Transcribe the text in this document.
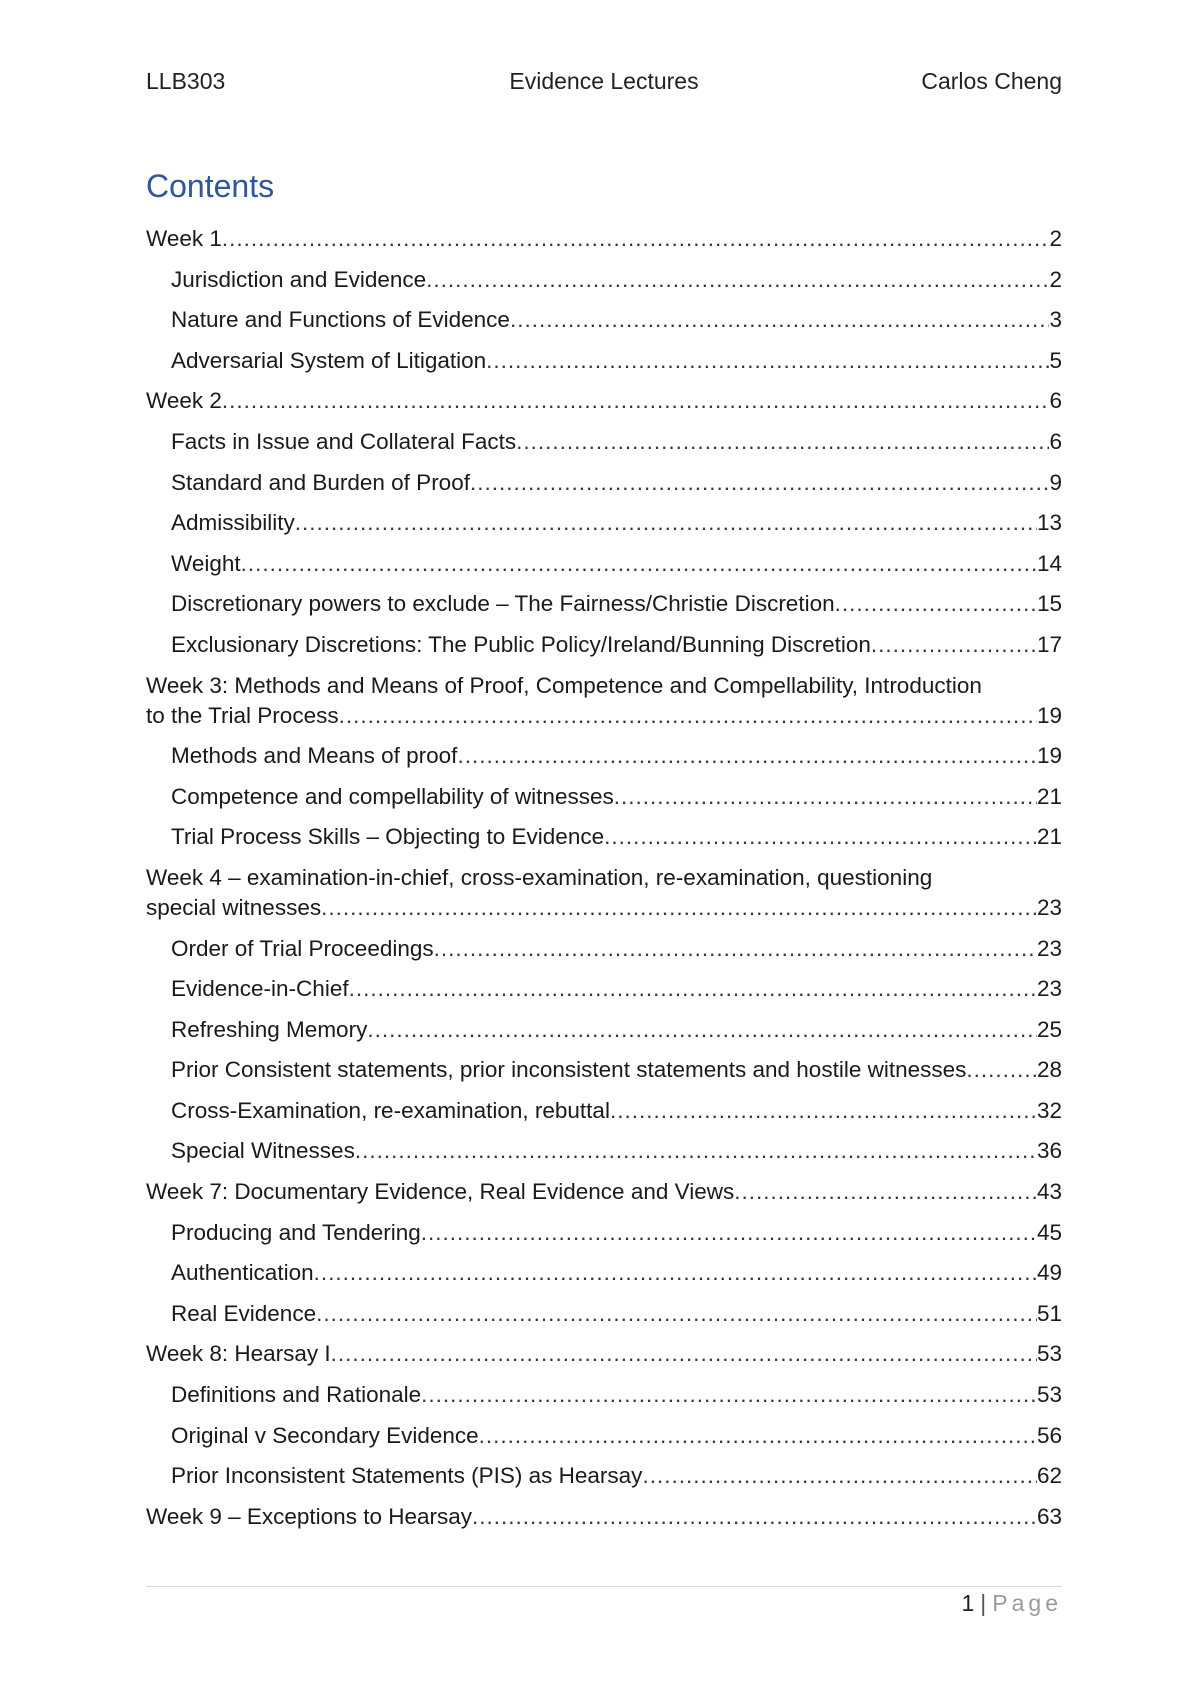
LLB303	Evidence Lectures	Carlos Cheng
Contents
Week 1 .....	2
Jurisdiction and Evidence .....	2
Nature and Functions of Evidence .....	3
Adversarial System of Litigation .....	5
Week 2 .....	6
Facts in Issue and Collateral Facts .....	6
Standard and Burden of Proof .....	9
Admissibility .....	13
Weight .....	14
Discretionary powers to exclude – The Fairness/Christie Discretion .....	15
Exclusionary Discretions: The Public Policy/Ireland/Bunning Discretion .....	17
Week 3: Methods and Means of Proof, Competence and Compellability, Introduction
to the Trial Process .....	19
Methods and Means of proof .....	19
Competence and compellability of witnesses .....	21
Trial Process Skills – Objecting to Evidence .....	21
Week 4 – examination-in-chief, cross-examination, re-examination, questioning
special witnesses .....	23
Order of Trial Proceedings .....	23
Evidence-in-Chief .....	23
Refreshing Memory .....	25
Prior Consistent statements, prior inconsistent statements and hostile witnesses .....	28
Cross-Examination, re-examination, rebuttal .....	32
Special Witnesses .....	36
Week 7: Documentary Evidence, Real Evidence and Views .....	43
Producing and Tendering .....	45
Authentication .....	49
Real Evidence .....	51
Week 8: Hearsay I .....	53
Definitions and Rationale .....	53
Original v Secondary Evidence .....	56
Prior Inconsistent Statements (PIS) as Hearsay .....	62
Week 9 – Exceptions to Hearsay .....	63
1 | Page
